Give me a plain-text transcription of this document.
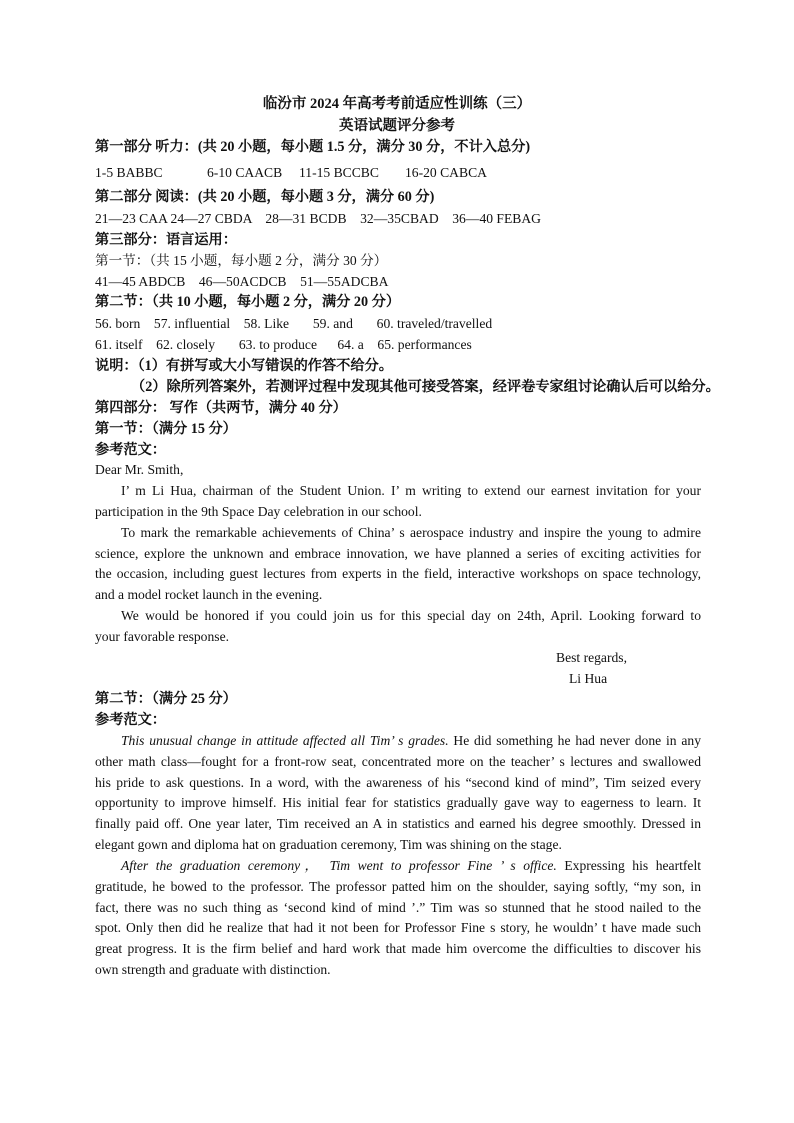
临汾市 2024 年高考考前适应性训练（三）
英语试题评分参考
第一部分 听力：(共 20 小题，每小题 1.5 分，满分 30 分，不计入总分)
1-5 BABBC	6-10 CAACB 11-15 BCCBC 16-20 CABCA
第二部分 阅读：(共 20 小题，每小题 3 分，满分 60 分)
21—23 CAA 24—27 CBDA    28—31 BCDB    32—35CBAD    36—40 FEBAG
第三部分：语言运用：
第一节：（共 15 小题，每小题 2 分，满分 30 分）
41—45 ABDCB    46—50ACDCB    51—55ADCBA
第二节：（共 10 小题，每小题 2 分，满分 20 分）
56. born    57. influential    58. Like       59. and       60. traveled/travelled
61. itself    62. closely       63. to produce      64. a    65. performances
说明：（1）有拼写或大小写错误的作答不给分。
（2）除所列答案外，若测评过程中发现其他可接受答案，经评卷专家组讨论确认后可以给分。
第四部分： 写作（共两节，满分 40 分）
第一节：（满分 15 分）
参考范文：
Dear Mr. Smith,
I’ m Li Hua, chairman of the Student Union. I’ m writing to extend our earnest invitation for your
participation in the 9th Space Day celebration in our school.
To mark the remarkable achievements of China’ s aerospace industry and inspire the young to admire
science, explore the unknown and embrace innovation, we have planned a series of exciting activities for
the occasion, including guest lectures from experts in the field, interactive workshops on space technology,
and a model rocket launch in the evening.
We would be honored if you could join us for this special day on 24th, April. Looking forward to
your favorable response.
Best regards,
Li Hua
第二节：（满分 25 分）
参考范文：
This unusual change in attitude affected all Tim’ s grades. He did something he had never done in any
other math class—fought for a front-row seat, concentrated more on the teacher’ s lectures and swallowed
his pride to ask questions. In a word, with the awareness of his “second kind of mind”, Tim seized every
opportunity to improve himself. His initial fear for statistics gradually gave way to eagerness to learn. It
finally paid off. One year later, Tim received an A in statistics and earned his degree smoothly. Dressed in
elegant gown and diploma hat on graduation ceremony, Tim was shining on the stage.
After the graduation ceremony， Tim went to professor Fine ’ s office. Expressing his heartfelt
gratitude, he bowed to the professor. The professor patted him on the shoulder, saying softly, “my son, in
fact, there was no such thing as ‘second kind of mind ’.” Tim was so stunned that he stood nailed to the
spot. Only then did he realize that had it not been for Professor Fine s story, he wouldn’ t have made such
great progress. It is the firm belief and hard work that made him overcome the difficulties to discover his
own strength and graduate with distinction.
